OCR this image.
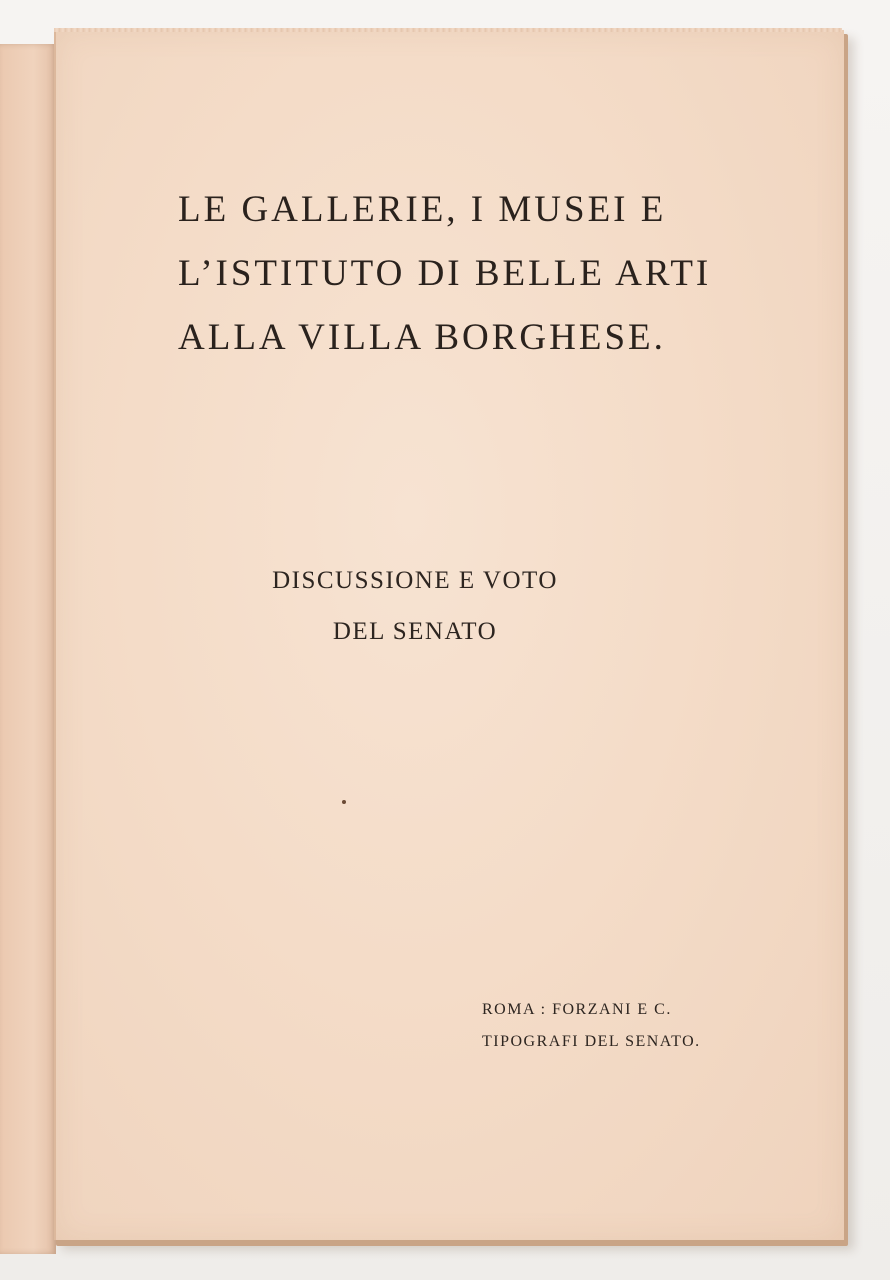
LE GALLERIE, I MUSEI E
L’ISTITUTO DI BELLE ARTI
ALLA VILLA BORGHESE.
DISCUSSIONE E VOTO
DEL SENATO
ROMA : FORZANI E C.
TIPOGRAFI DEL SENATO.
